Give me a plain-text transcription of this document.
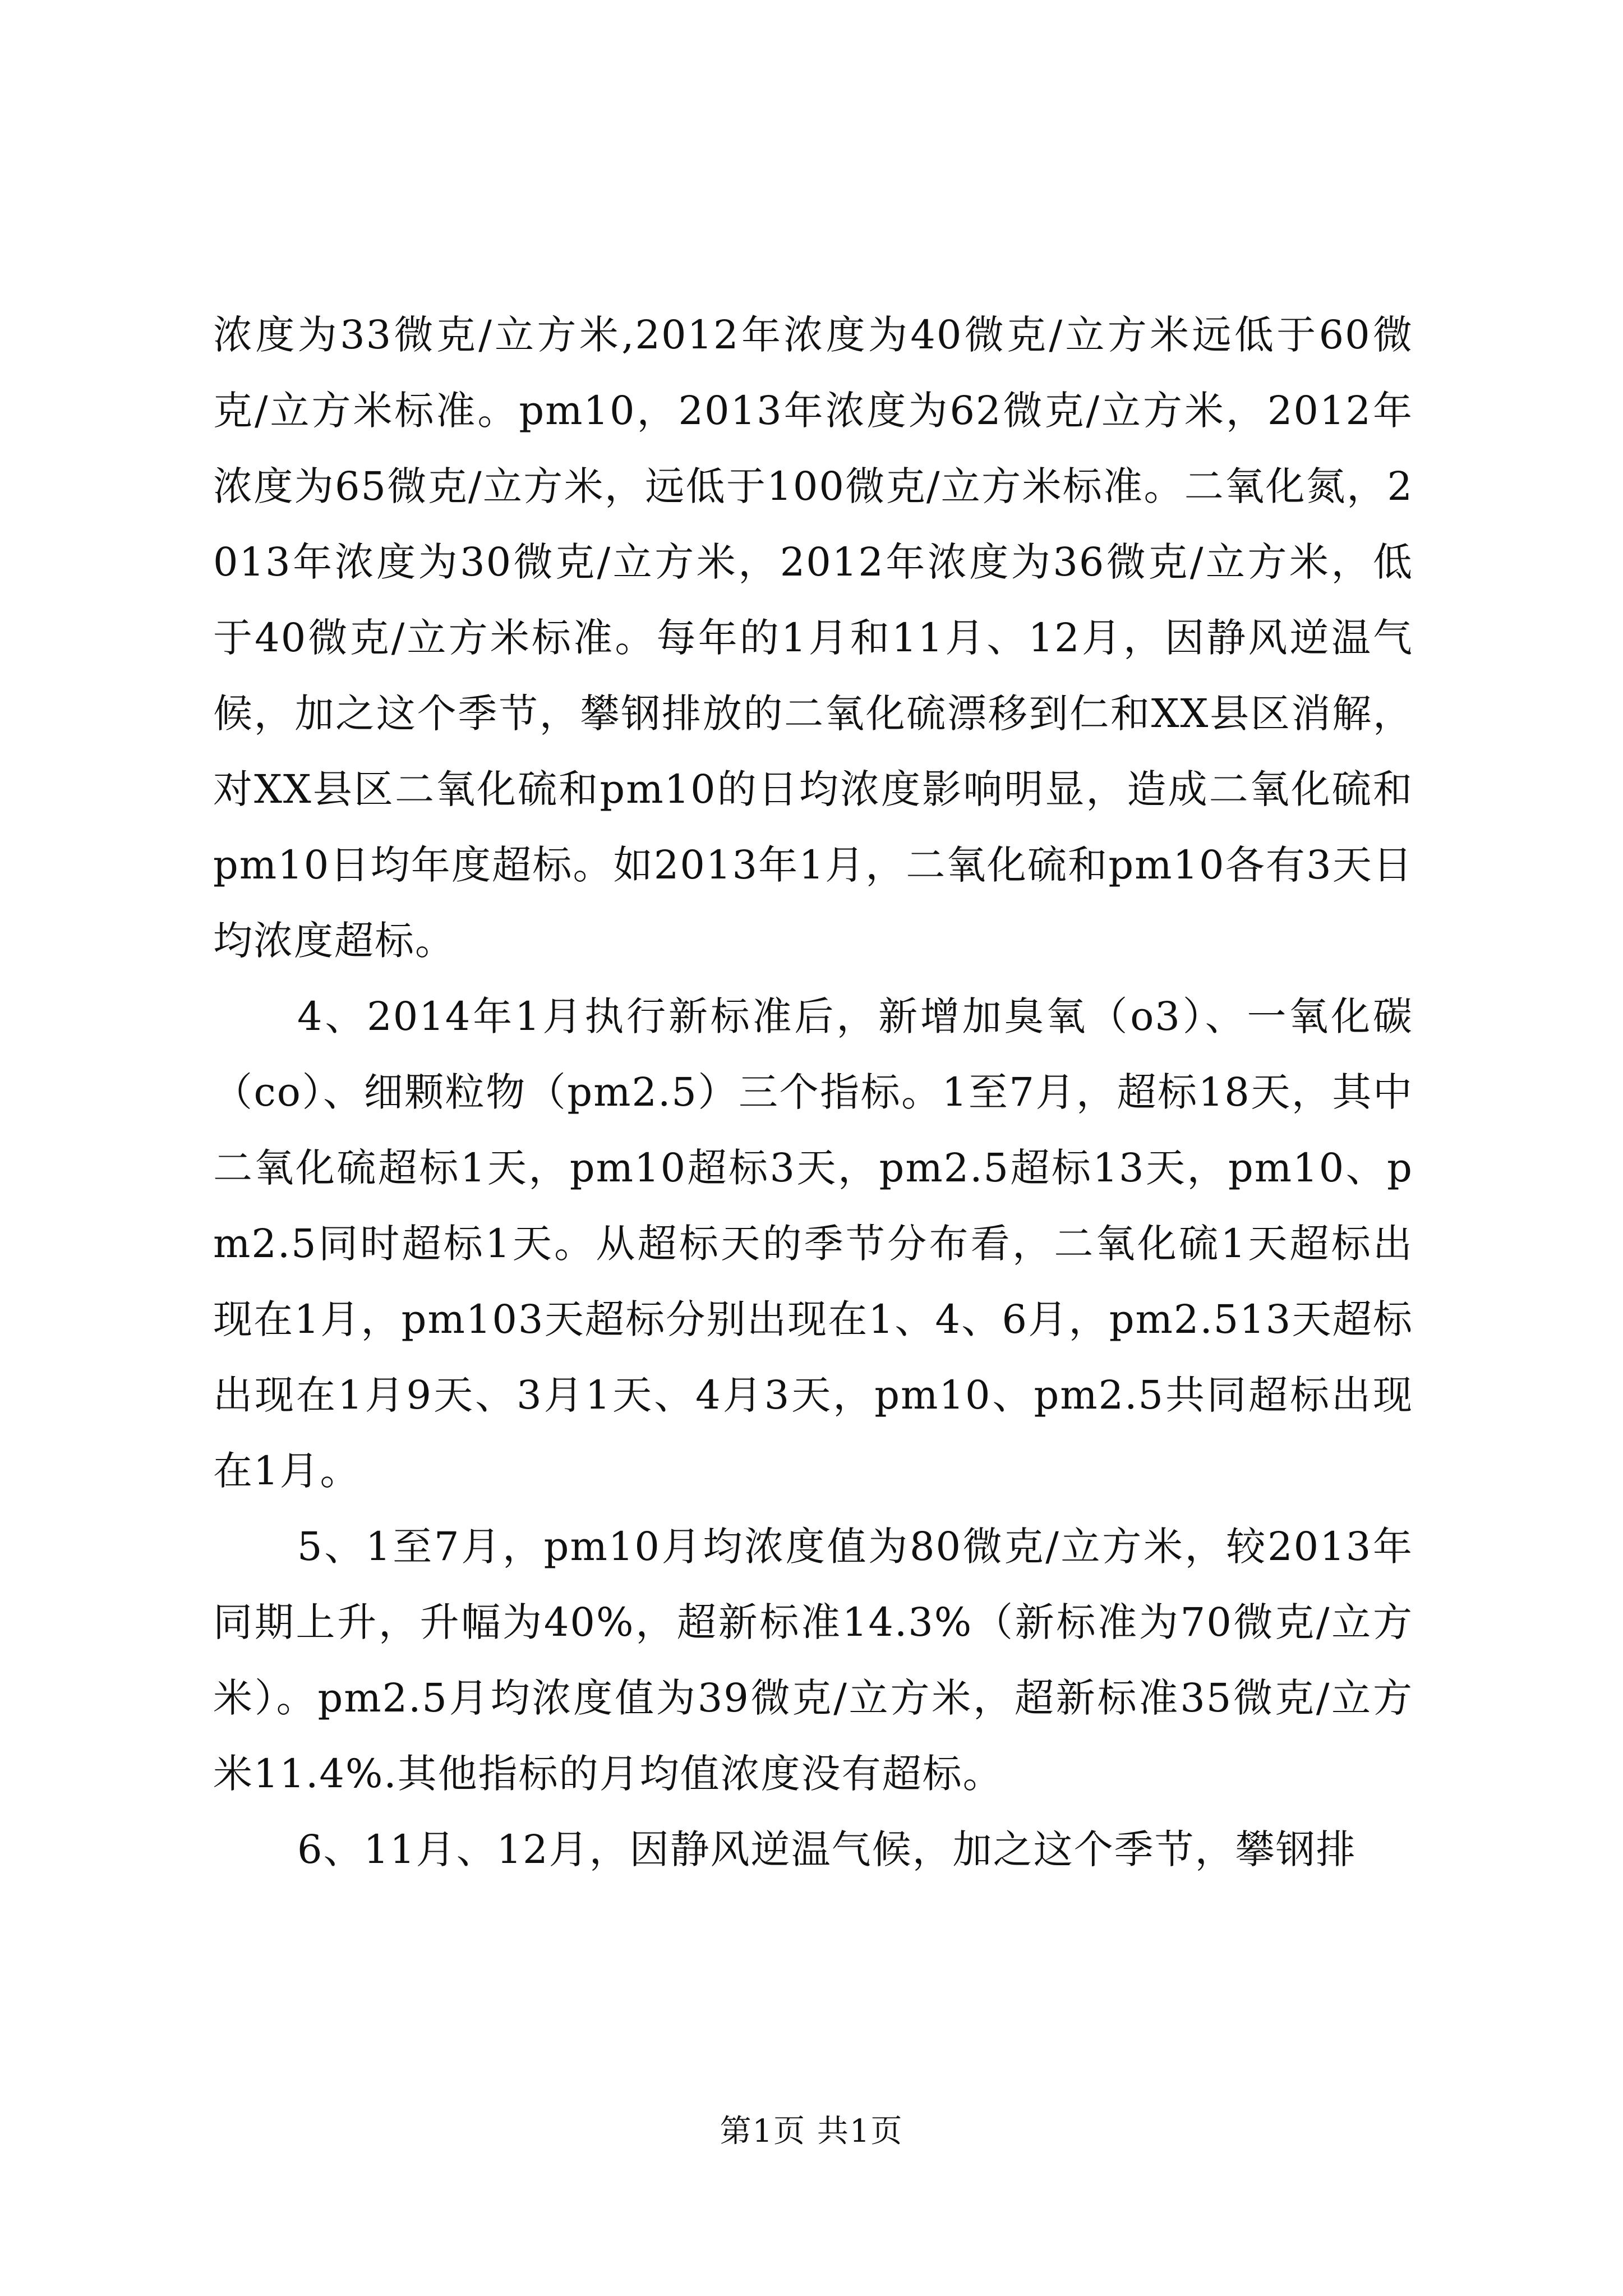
浓度为33微克/立方米,2012年浓度为40微克/立方米远低于60微克/立方米标准。pm10，2013年浓度为62微克/立方米，2012年浓度为65微克/立方米，远低于100微克/立方米标准。二氧化氮，2013年浓度为30微克/立方米，2012年浓度为36微克/立方米，低于40微克/立方米标准。每年的1月和11月、12月，因静风逆温气候，加之这个季节，攀钢排放的二氧化硫漂移到仁和XX县区消解，对XX县区二氧化硫和pm10的日均浓度影响明显，造成二氧化硫和pm10日均年度超标。如2013年1月，二氧化硫和pm10各有3天日均浓度超标。

4、2014年1月执行新标准后，新增加臭氧（o3）、一氧化碳（co）、细颗粒物（pm2.5）三个指标。1至7月，超标18天，其中二氧化硫超标1天，pm10超标3天，pm2.5超标13天，pm10、pm2.5同时超标1天。从超标天的季节分布看，二氧化硫1天超标出现在1月，pm103天超标分别出现在1、4、6月，pm2.513天超标出现在1月9天、3月1天、4月3天，pm10、pm2.5共同超标出现在1月。

5、1至7月，pm10月均浓度值为80微克/立方米，较2013年同期上升，升幅为40%，超新标准14.3%（新标准为70微克/立方米）。pm2.5月均浓度值为39微克/立方米，超新标准35微克/立方米11.4%.其他指标的月均值浓度没有超标。

6、11月、12月，因静风逆温气候，加之这个季节，攀钢排

第1页 共1页
